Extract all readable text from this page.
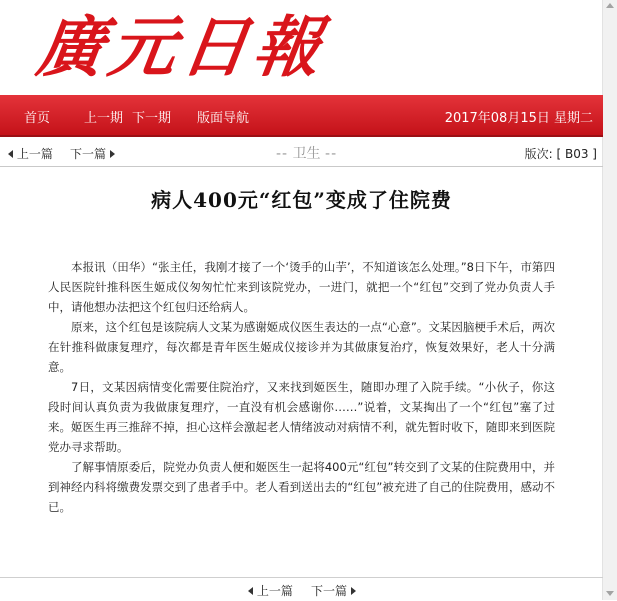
廣元日報
首页	上一期 下一期 版面导航	2017年08月15日 星期二
上一篇 下一篇	-- 卫生 --	版次: [ B03 ]
病人400元“红包”变成了住院费

本报讯（田华）“张主任，我刚才接了一个‘烫手的山芋’，不知道该怎么处理。”8日下午，市第四人民医院针推科医生姬成仪匆匆忙忙来到该院党办，一进门，就把一个“红包”交到了党办负责人手中，请他想办法把这个红包归还给病人。

原来，这个红包是该院病人文某为感谢姬成仪医生表达的一点“心意”。文某因脑梗手术后，两次在针推科做康复理疗，每次都是青年医生姬成仪接诊并为其做康复治疗，恢复效果好，老人十分满意。

7日，文某因病情变化需要住院治疗，又来找到姬医生，随即办理了入院手续。“小伙子，你这段时间认真负责为我做康复理疗，一直没有机会感谢你……”说着，文某掏出了一个“红包”塞了过来。姬医生再三推辞不掉，担心这样会激起老人情绪波动对病情不利，就先暂时收下，随即来到医院党办寻求帮助。

了解事情原委后，院党办负责人便和姬医生一起将400元“红包”转交到了文某的住院费用中，并到神经内科将缴费发票交到了患者手中。老人看到送出去的“红包”被充进了自己的住院费用，感动不已。

上一篇 下一篇
